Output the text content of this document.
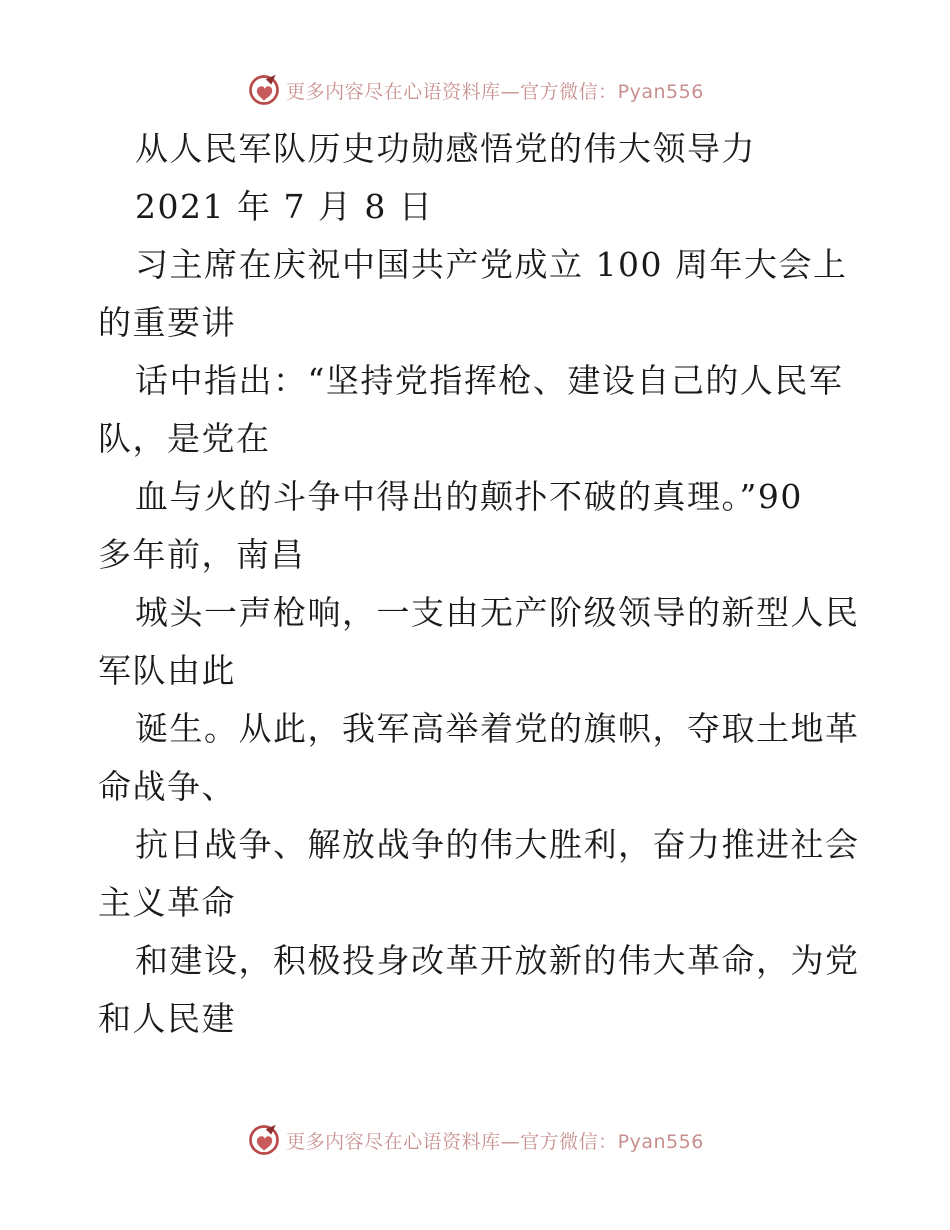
更多内容尽在心语资料库—官方微信：Pyan556
从人民军队历史功勋感悟党的伟大领导力
2021 年 7 月 8 日
习主席在庆祝中国共产党成立 100 周年大会上
的重要讲
话中指出：“坚持党指挥枪、建设自己的人民军
队，是党在
血与火的斗争中得出的颠扑不破的真理。”90
多年前，南昌
城头一声枪响，一支由无产阶级领导的新型人民
军队由此
诞生。从此，我军高举着党的旗帜，夺取土地革
命战争、
抗日战争、解放战争的伟大胜利，奋力推进社会
主义革命
和建设，积极投身改革开放新的伟大革命，为党
和人民建
更多内容尽在心语资料库—官方微信：Pyan556
